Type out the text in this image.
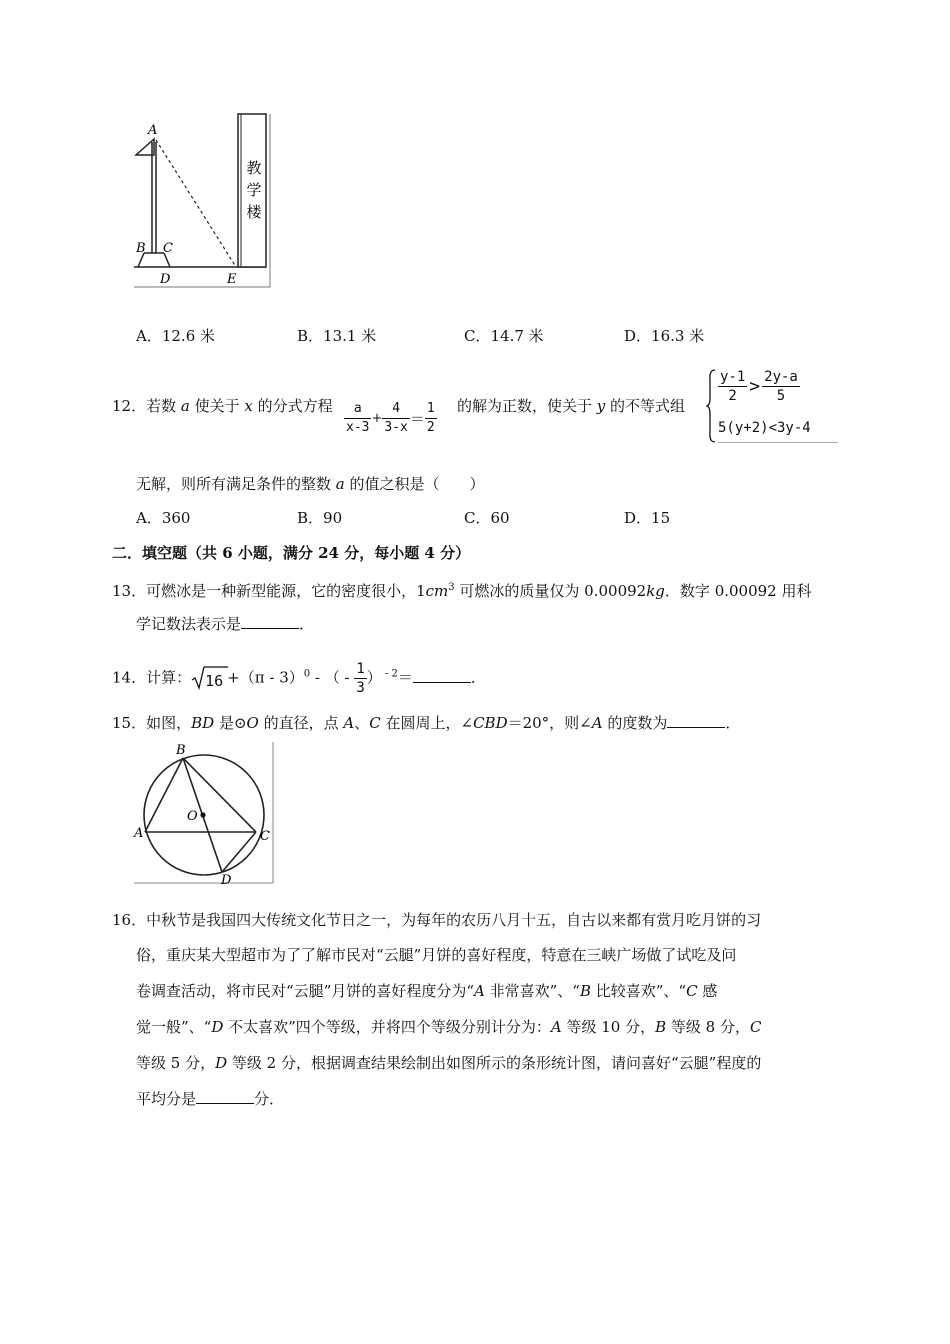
教
学
楼
A
B C
D	E
A．12.6 米	B．13.1 米	C．14.7 米	D．16.3 米
12．若数 a 使关于 x 的分式方程 $\frac{a}{x-3} + \frac{4}{3-x} = \frac{1}{2}$ 的解为正数，使关于 y 的不等式组
$\frac{y-1}{2} > \frac{2y-a}{5}$
5(y+2)<3y-4
无解，则所有满足条件的整数 a 的值之积是（　　）
A．360	B．90	C．60	D．15
二．填空题（共 6 小题，满分 24 分，每小题 4 分）
13．可燃冰是一种新型能源，它的密度很小，$1cm^3$ 可燃冰的质量仅为 0.00092kg．数字 0.00092 用科
学记数法表示是	．
14．计算： 16 +（π - 3）$^0$ - （ - $\frac{1}{3}$ ） $^{- 2}$＝	．
15．如图，BD 是⊙O 的直径，点 A、C 在圆周上，∠CBD＝20°，则∠A 的度数为	．
B
A	C
D
O
16．中秋节是我国四大传统文化节日之一，为每年的农历八月十五，自古以来都有赏月吃月饼的习
俗，重庆某大型超市为了了解市民对“云腿”月饼的喜好程度，特意在三峡广场做了试吃及问
卷调查活动，将市民对“云腿”月饼的喜好程度分为“A 非常喜欢”、“B 比较喜欢”、“C 感
觉一般”、“D 不太喜欢”四个等级，并将四个等级分别计分为：A 等级 10 分，B 等级 8 分，C
等级 5 分，D 等级 2 分，根据调查结果绘制出如图所示的条形统计图，请问喜好“云腿”程度的
平均分是	分．
